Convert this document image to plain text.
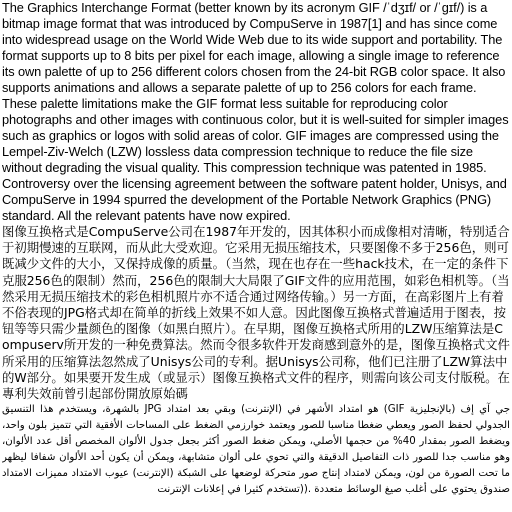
The Graphics Interchange Format (better known by its acronym GIF /ˈdʒɪf/ or /ˈɡɪf/) is a bitmap image format that was introduced by CompuServe in 1987[1] and has since come into widespread usage on the World Wide Web due to its wide support and portability. The format supports up to 8 bits per pixel for each image, allowing a single image to reference its own palette of up to 256 different colors chosen from the 24-bit RGB color space. It also supports animations and allows a separate palette of up to 256 colors for each frame. These palette limitations make the GIF format less suitable for reproducing color photographs and other images with continuous color, but it is well-suited for simpler images such as graphics or logos with solid areas of color. GIF images are compressed using the Lempel-Ziv-Welch (LZW) lossless data compression technique to reduce the file size without degrading the visual quality. This compression technique was patented in 1985. Controversy over the licensing agreement between the software patent holder, Unisys, and CompuServe in 1994 spurred the development of the Portable Network Graphics (PNG) standard. All the relevant patents have now expired.

图像互换格式是CompuServe公司在1987年开发的，因其体积小而成像相对清晰，特别适合于初期慢速的互联网，而从此大受欢迎。它采用无损压缩技术，只要图像不多于256色，则可既减少文件的大小，又保持成像的质量。（当然，现在也存在一些hack技术，在一定的条件下克服256色的限制）然而，256色的限制大大局限了GIF文件的应用范围，如彩色相机等。（当然采用无损压缩技术的彩色相机照片亦不适合通过网络传输。）另一方面，在高彩图片上有着不俗表现的JPG格式却在简单的折线上效果不如人意。因此图像互换格式普遍适用于图表，按钮等等只需少量颜色的图像（如黑白照片）。在早期，图像互换格式所用的LZW压缩算法是Compuserv所开发的一种免费算法。然而令很多软件开发商感到意外的是，图像互换格式文件所采用的压缩算法忽然成了Unisys公司的专利。据Unisys公司称，他们已注册了LZW算法中的W部分。如果要开发生成（或显示）图像互换格式文件的程序，则需向该公司支付版税。在專利失效前曾引起部份開放原始碼

جي آي إف (بالإنجليزية GIF) هو امتداد الأشهر في (الإنترنت) وبقي بعد امتداد JPG بالشهرة، ويستخدم هذا التنسيق الجدولي لحفظ الصور ويعطي ضغطا مناسبا للصور ويعتمد خوارزمي الضغط على المساحات الأفقية التي تتميز بلون واحد، ويضغط الصور بمقدار 40% من حجمها الأصلي، ويمكن ضغط الصور أكثر بجعل جدول الألوان المخصص أقل عدد الألوان، وهو مناسب جدا للصور ذات التفاصيل الدقيقة والتي تحوي على ألوان متشابهة، ويمكن أن يكون أحد الألوان شفافا ليظهر ما تحت الصورة من لون، ويمكن لامتداد إنتاج صور متحركة لوضعها على الشبكة (الإنترنت) عيوب الامتداد مميزات الامتداد صندوق يحتوي على أغلب صيغ الوسائط متعددة .((تستخدم كثيرا في إعلانات الإنترنت
